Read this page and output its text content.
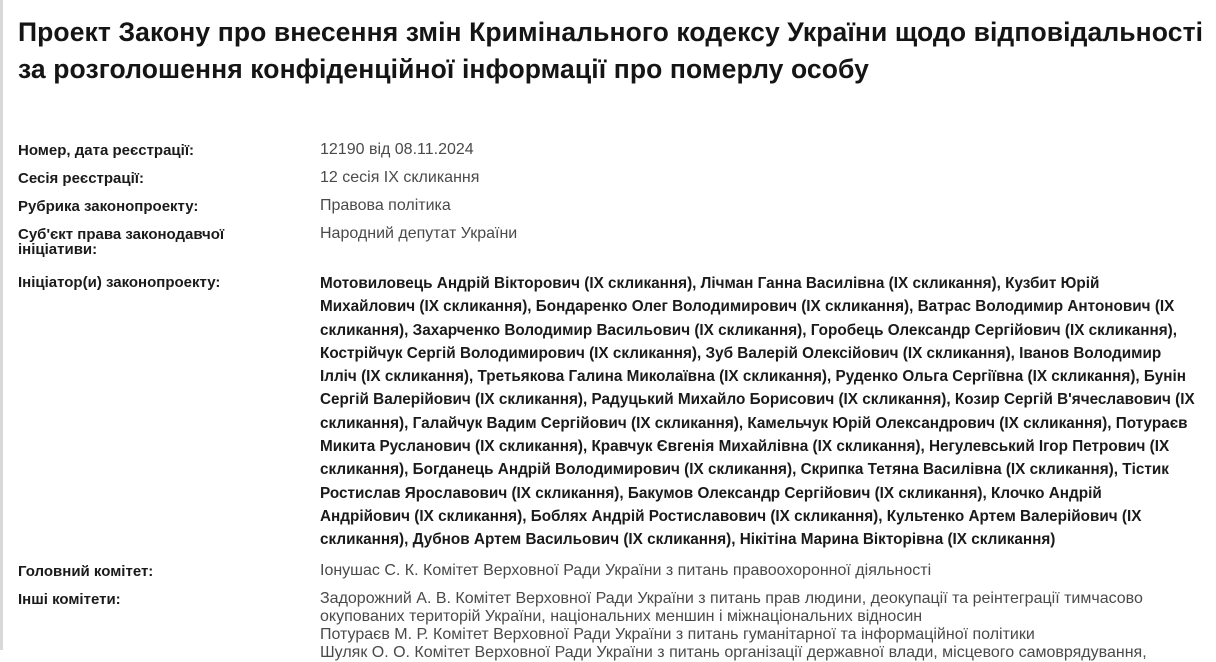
Проект Закону про внесення змін Кримінального кодексу України щодо відповідальності за розголошення конфіденційної інформації про померлу особу
Номер, дата реєстрації:	12190 від 08.11.2024
Сесія реєстрації:	12 сесія IX скликання
Рубрика законопроекту:	Правова політика
Суб'єкт права законодавчої ініціативи:
Народний депутат України
Ініціатор(и) законопроекту:	Мотовиловець Андрій Вікторович (IX скликання), Лічман Ганна Василівна (IX скликання), Кузбит Юрій Михайлович (IX скликання), Бондаренко Олег Володимирович (IX скликання), Ватрас Володимир Антонович (IX скликання), Захарченко Володимир Васильович (IX скликання), Горобець Олександр Сергійович (IX скликання), Кострійчук Сергій Володимирович (IX скликання), Зуб Валерій Олексійович (IX скликання), Іванов Володимир Ілліч (IX скликання), Третьякова Галина Миколаївна (IX скликання), Руденко Ольга Сергіївна (IX скликання), Бунін Сергій Валерійович (IX скликання), Радуцький Михайло Борисович (IX скликання), Козир Сергій В'ячеславович (IX скликання), Галайчук Вадим Сергійович (IX скликання), Камельчук Юрій Олександрович (IX скликання), Потураєв Микита Русланович (IX скликання), Кравчук Євгенія Михайлівна (IX скликання), Негулевський Ігор Петрович (IX скликання), Богданець Андрій Володимирович (IX скликання), Скрипка Тетяна Василівна (IX скликання), Тістик Ростислав Ярославович (IX скликання), Бакумов Олександр Сергійович (IX скликання), Клочко Андрій Андрійович (IX скликання), Боблях Андрій Ростиславович (IX скликання), Культенко Артем Валерійович (IX скликання), Дубнов Артем Васильович (IX скликання), Нікітіна Марина Вікторівна (IX скликання)
Головний комітет:	Іонушас С. К. Комітет Верховної Ради України з питань правоохоронної діяльності
Інші комітети:	Задорожний А. В. Комітет Верховної Ради України з питань прав людини, деокупації та реінтеграції тимчасово окупованих територій України, національних меншин і міжнаціональних відносин
Потураєв М. Р. Комітет Верховної Ради України з питань гуманітарної та інформаційної політики
Шуляк О. О. Комітет Верховної Ради України з питань організації державної влади, місцевого самоврядування,
